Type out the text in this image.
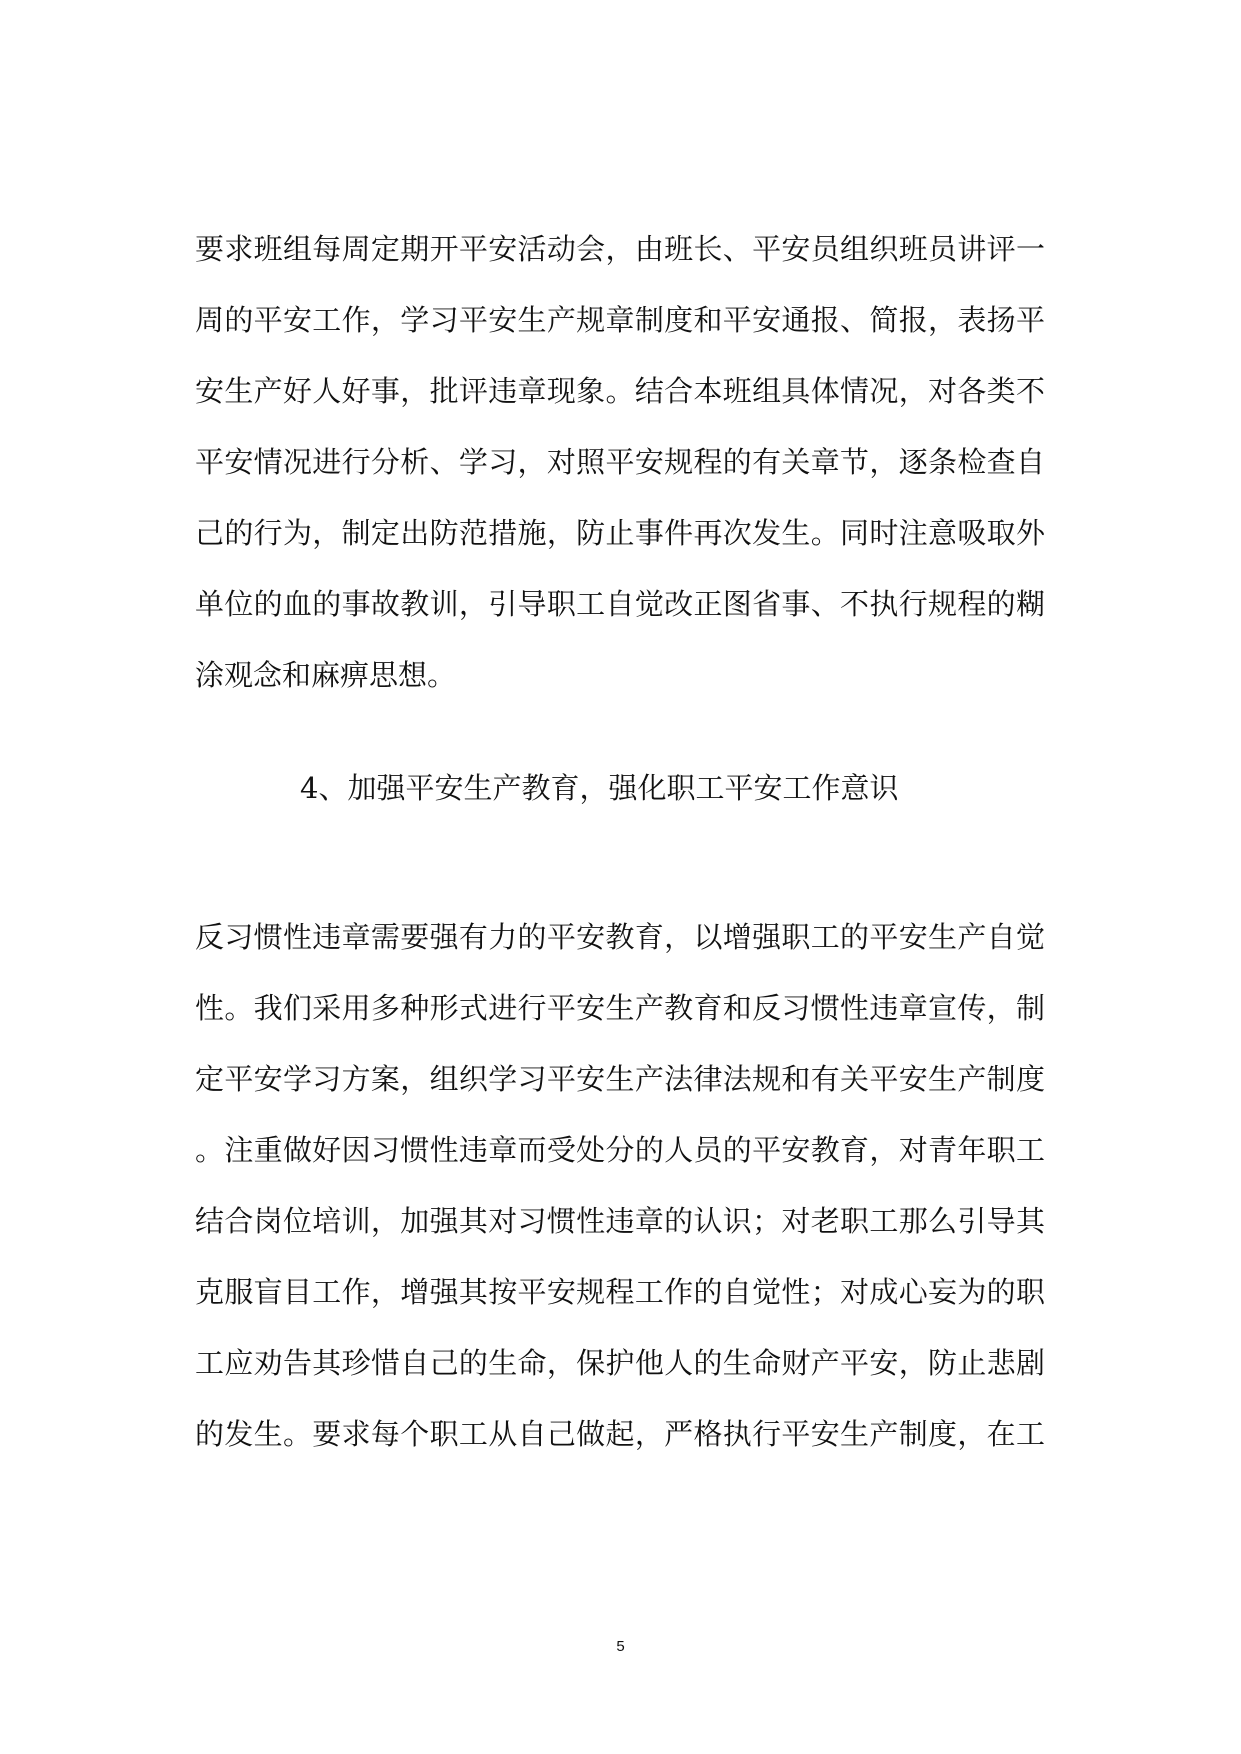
要求班组每周定期开平安活动会，由班长、平安员组织班员讲评一
周的平安工作，学习平安生产规章制度和平安通报、简报，表扬平
安生产好人好事，批评违章现象。结合本班组具体情况，对各类不
平安情况进行分析、学习，对照平安规程的有关章节，逐条检查自
己的行为，制定出防范措施，防止事件再次发生。同时注意吸取外
单位的血的事故教训，引导职工自觉改正图省事、不执行规程的糊
涂观念和麻痹思想。
4、加强平安生产教育，强化职工平安工作意识
反习惯性违章需要强有力的平安教育，以增强职工的平安生产自觉
性。我们采用多种形式进行平安生产教育和反习惯性违章宣传，制
定平安学习方案，组织学习平安生产法律法规和有关平安生产制度
。注重做好因习惯性违章而受处分的人员的平安教育，对青年职工
结合岗位培训，加强其对习惯性违章的认识；对老职工那么引导其
克服盲目工作，增强其按平安规程工作的自觉性；对成心妄为的职
工应劝告其珍惜自己的生命，保护他人的生命财产平安，防止悲剧
的发生。要求每个职工从自己做起，严格执行平安生产制度，在工
5
